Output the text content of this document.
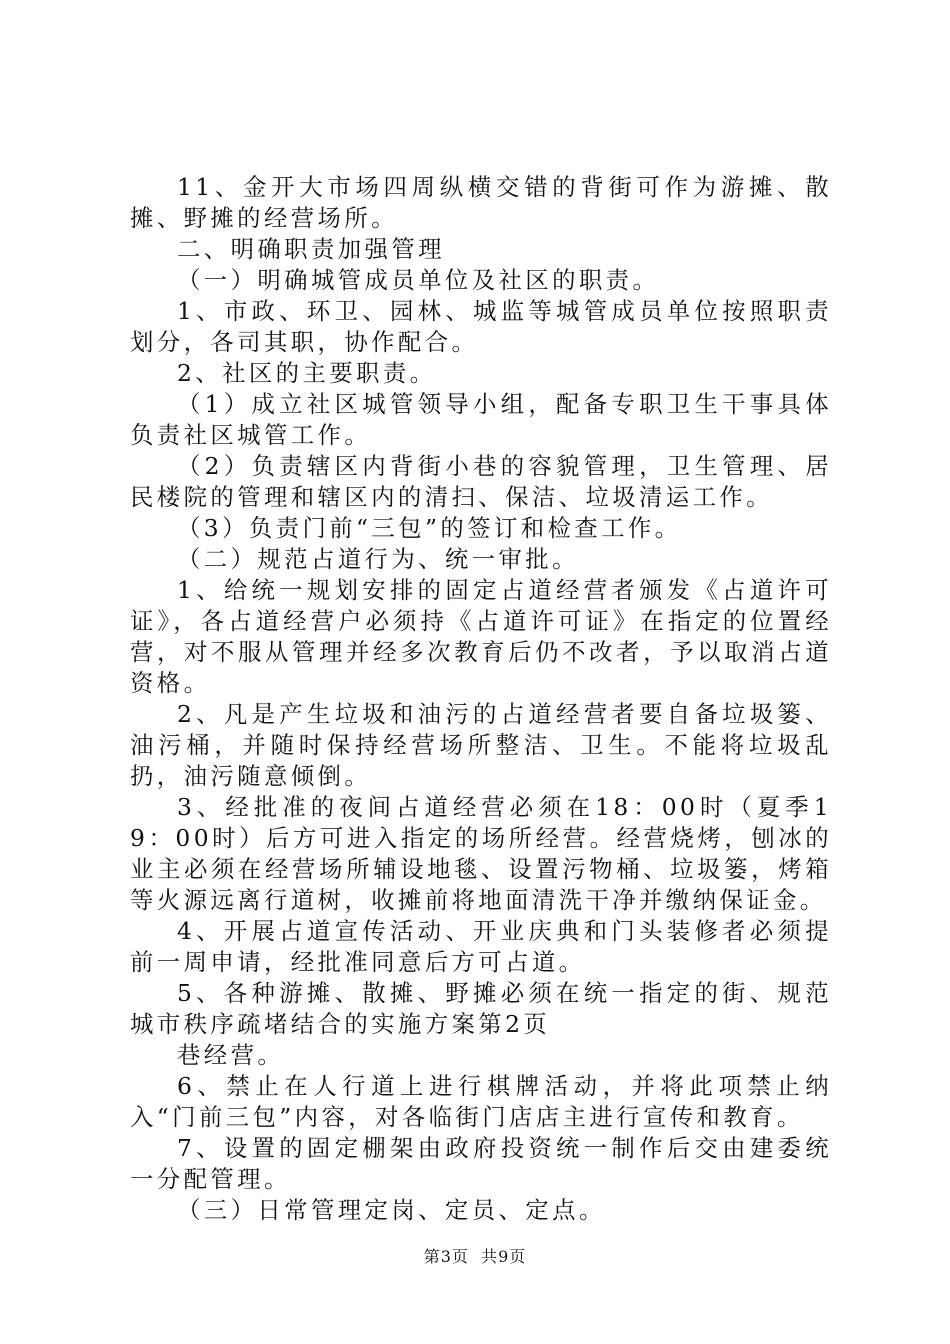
11、金开大市场四周纵横交错的背街可作为游摊、散摊、野摊的经营场所。

二、明确职责加强管理

（一）明确城管成员单位及社区的职责。

1、市政、环卫、园林、城监等城管成员单位按照职责划分，各司其职，协作配合。

2、社区的主要职责。

（1）成立社区城管领导小组，配备专职卫生干事具体负责社区城管工作。

（2）负责辖区内背街小巷的容貌管理，卫生管理、居民楼院的管理和辖区内的清扫、保洁、垃圾清运工作。

（3）负责门前“三包”的签订和检查工作。

（二）规范占道行为、统一审批。

1、给统一规划安排的固定占道经营者颁发《占道许可证》，各占道经营户必须持《占道许可证》在指定的位置经营，对不服从管理并经多次教育后仍不改者，予以取消占道资格。

2、凡是产生垃圾和油污的占道经营者要自备垃圾篓、油污桶，并随时保持经营场所整洁、卫生。不能将垃圾乱扔，油污随意倾倒。

3、经批准的夜间占道经营必须在18：00时（夏季19：00时）后方可进入指定的场所经营。经营烧烤，刨冰的业主必须在经营场所辅设地毯、设置污物桶、垃圾篓，烤箱等火源远离行道树，收摊前将地面清洗干净并缴纳保证金。

4、开展占道宣传活动、开业庆典和门头装修者必须提前一周申请，经批准同意后方可占道。

5、各种游摊、散摊、野摊必须在统一指定的街、规范城市秩序疏堵结合的实施方案第2页

巷经营。

6、禁止在人行道上进行棋牌活动，并将此项禁止纳入“门前三包”内容，对各临街门店店主进行宣传和教育。

7、设置的固定棚架由政府投资统一制作后交由建委统一分配管理。

（三）日常管理定岗、定员、定点。

第3页  共9页
